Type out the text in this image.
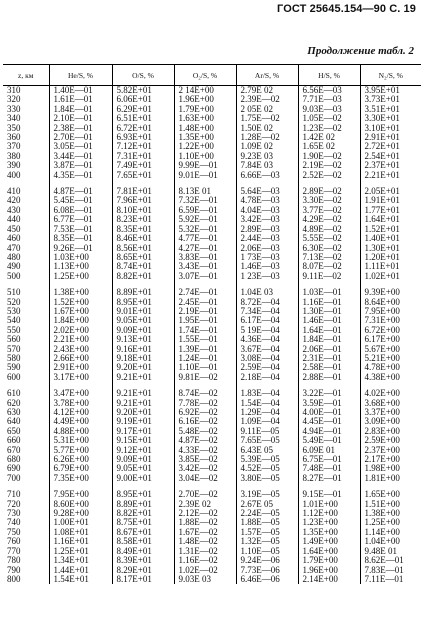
ГОСТ 25645.154—90 С. 19
Продолжение табл. 2
z, км	He/S, %	O/S, %	O₂/S, %	Ar/S, %	H/S, %	N₂/S, %
310	1.40E—01	5.82E+01	2 14E+00	2.79E 02	6.56E—03	3.95E+01
320	1.61E—01	6.06E+01	1.96E+00	2.39E—02	7.71E—03	3.73E+01
330	1.84E—01	6.29E+01	1.79E+00	2 05E 02	9.03E—03	3.51E+01
340	2.10E—01	6.51E+01	1.63E+00	1.75E—02	1.05E—02	3.30E+01
350	2.38E—01	6.72E+01	1.48E+00	1.50E 02	1.23E—02	3.10E+01
360	2.70E—01	6.93E+01	1.35E+00	1.28E—02	1.42E 02	2.91E+01
370	3.05E—01	7.12E+01	1.22E+00	1.09E 02	1.65E 02	2.72E+01
380	3.44E—01	7.31E+01	1.10E+00	9.23E 03	1.90E—02	2.54E+01
390	3.87E—01	7.49E+01	9.99E—01	7.84E 03	2.19E—02	2.37E+01
400	4.35E—01	7.65E+01	9.01E—01	6.66E—03	2.52E—02	2.21E+01

410	4.87E—01	7.81E+01	8.13E 01	5.64E—03	2.89E—02	2.05E+01
420	5.45E—01	7.96E+01	7.32E—01	4.78E—03	3.30E—02	1.91E+01
430	6.08E—01	8.10E+01	6.59E—01	4.04E—03	3.77E—02	1.77E+01
440	6.77E—01	8.23E+01	5.92E—01	3.42E—03	4.29E—02	1.64E+01
450	7.53E—01	8.35E+01	5.32E—01	2.89E—03	4.89E—02	1.52E+01
460	8.35E—01	8.46E+01	4.77E—01	2.44E—03	5.55E—02	1.40E+01
470	9.26E—01	8.56E+01	4.27E—01	2.06E—03	6.30E—02	1.30E+01
480	1.03E+00	8.65E+01	3.83E—01	1 73E—03	7.13E—02	1.20E+01
490	1.13E+00	8.74E+01	3.43E—01	1.46E—03	8.07E—02	1.11E+01
500	1.25E+00	8.82E+01	3.07E—01	1 23E—03	9.11E—02	1.02E+01

510	1.38E+00	8.89E+01	2.74E—01	1.04E 03	1.03E—01	9.39E+00
520	1.52E+00	8.95E+01	2.45E—01	8.72E—04	1.16E—01	8.64E+00
530	1.67E+00	9.01E+01	2.19E—01	7.34E—04	1.30E—01	7.95E+00
540	1.84E+00	9.05E+01	1.95E—01	6.17E—04	1.46E—01	7.31E+00
550	2.02E+00	9.09E+01	1.74E—01	5 19E—04	1.64E—01	6.72E+00
560	2.21E+00	9.13E+01	1.55E—01	4.36E—04	1.84E—01	6.17E+00
570	2.43E+00	9.16E+01	1.39E—01	3.67E—04	2.06E—01	5.67E+00
580	2.66E+00	9.18E+01	1.24E—01	3.08E—04	2.31E—01	5.21E+00
590	2.91E+00	9.20E+01	1.10E—01	2.59E—04	2.58E—01	4.78E+00
600	3.17E+00	9.21E+01	9.81E—02	2.18E—04	2.88E—01	4.38E+00

610	3.47E+00	9.21E+01	8.74E—02	1.83E—04	3.22E—01	4.02E+00
620	3.78E+00	9.21E+01	7.78E—02	1.54E—04	3.59E—01	3.68E+00
630	4.12E+00	9.20E+01	6.92E—02	1.29E—04	4.00E—01	3.37E+00
640	4.49E+00	9.19E+01	6.16E—02	1.09E—04	4.45E—01	3.09E+00
650	4.88E+00	9.17E+01	5.48E—02	9.11E—05	4.94E—01	2.83E+00
660	5.31E+00	9.15E+01	4.87E—02	7.65E—05	5.49E—01	2.59E+00
670	5.77E+00	9.12E+01	4.33E—02	6.43E 05	6.09E 01	2.37E+00
680	6.26E+00	9.09E+01	3.85E—02	5.39E—05	6.75E—01	2.17E+00
690	6.79E+00	9.05E+01	3.42E—02	4.52E—05	7.48E—01	1.98E+00
700	7.35E+00	9.00E+01	3.04E—02	3.80E—05	8.27E—01	1.81E+00

710	7.95E+00	8.95E+01	2.70E—02	3.19E—05	9.15E—01	1.65E+00
720	8.60E+00	8.89E+01	2.39E 02	2.67E 05	1.01E+00	1.51E+00
730	9.28E+00	8.82E+01	2.12E—02	2.24E—05	1.12E+00	1.38E+00
740	1.00E+01	8.75E+01	1.88E—02	1.88E—05	1.23E+00	1.25E+00
750	1.08E+01	8.67E+01	1.67E—02	1.57E—05	1.35E+00	1.14E+00
760	1.16E+01	8.58E+01	1.48E—02	1.32E—05	1.49E+00	1.04E+00
770	1.25E+01	8.49E+01	1.31E—02	1.10E—05	1.64E+00	9.48E 01
780	1.34E+01	8.39E+01	1.16E—02	9.24E—06	1.79E+00	8.62E—01
790	1.44E+01	8.29E+01	1.02E—02	7.73E—06	1.96E+00	7.83E—01
800	1.54E+01	8.17E+01	9.03E 03	6.46E—06	2.14E+00	7.11E—01
